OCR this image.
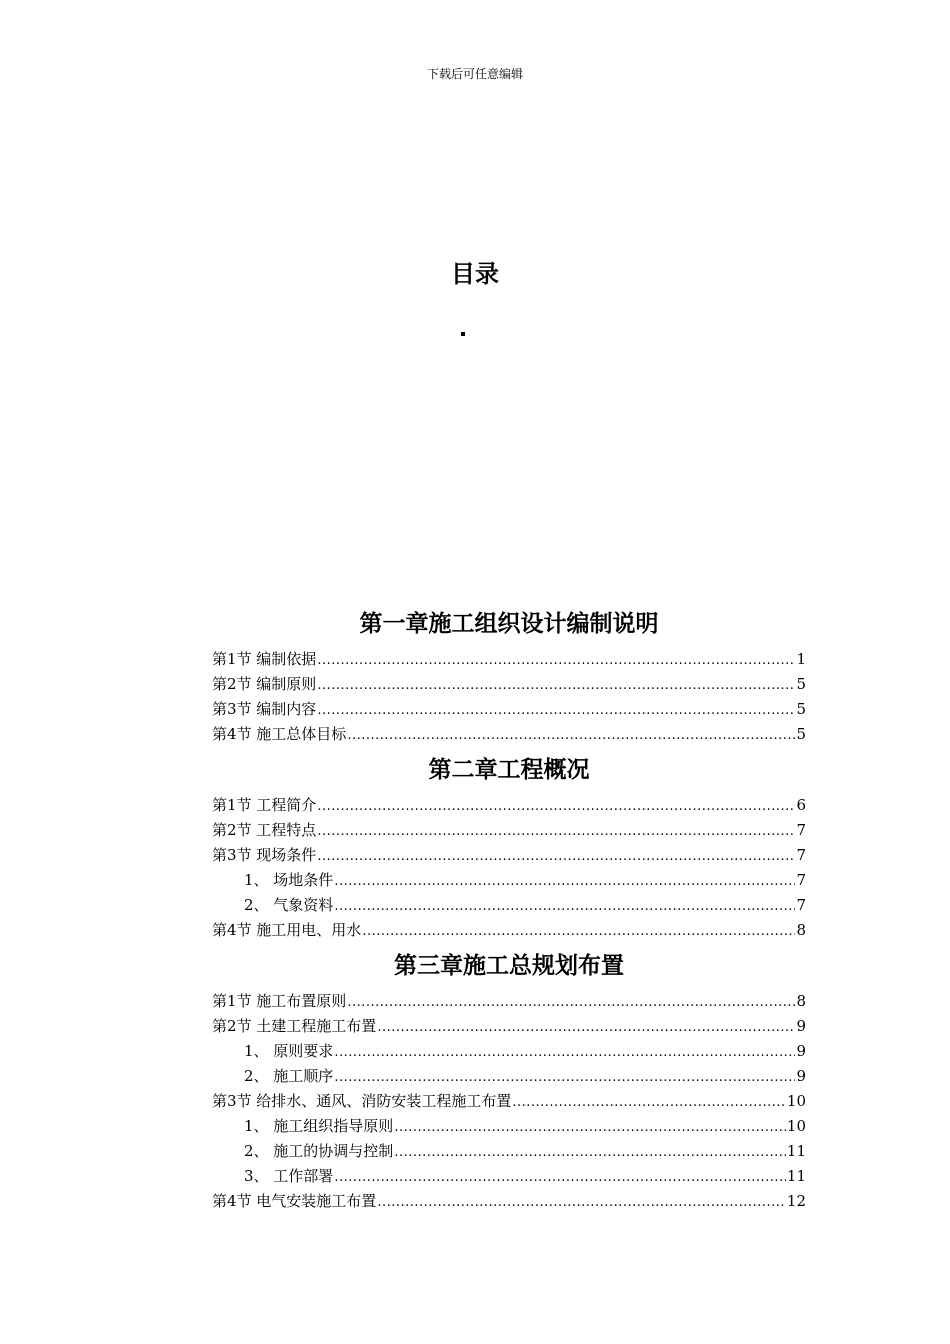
下载后可任意编辑
目录
第一章施工组织设计编制说明
第1节 编制依据 .....	1
第2节 编制原则 .....	5
第3节 编制内容 .....	5
第4节 施工总体目标 .....	5
第二章工程概况
第1节 工程简介 .....	6
第2节 工程特点 .....	7
第3节 现场条件 .....	7
1、 场地条件 .....	7
2、 气象资料 .....	7
第4节 施工用电、用水 .....	8
第三章施工总规划布置
第1节 施工布置原则 .....	8
第2节 土建工程施工布置 .....	9
1、 原则要求 .....	9
2、 施工顺序 .....	9
第3节 给排水、通风、消防安装工程施工布置 .....	10
1、 施工组织指导原则 .....	10
2、 施工的协调与控制 .....	11
3、 工作部署 .....	11
第4节 电气安装施工布置 .....	12
